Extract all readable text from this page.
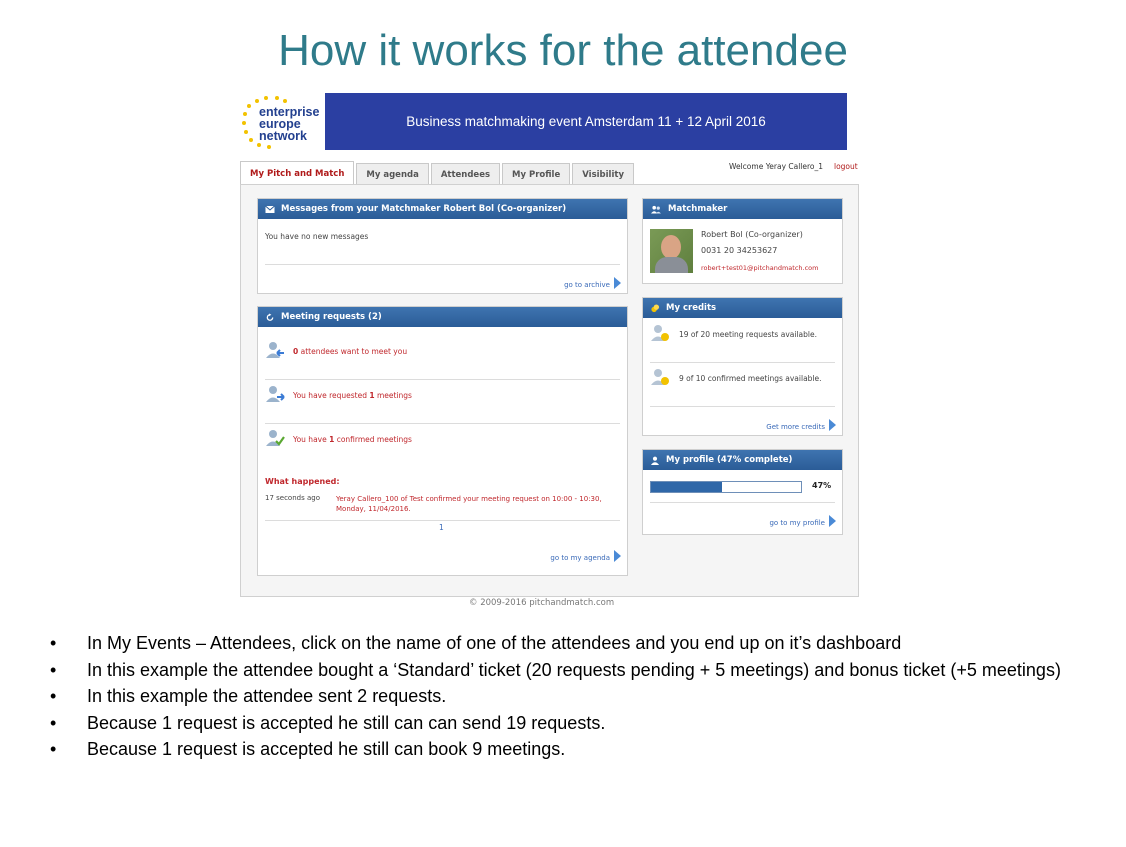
How it works for the attendee
enterprise
europe
network
Business matchmaking event Amsterdam 11 + 12 April 2016
My Pitch and Match	My agenda	Attendees	My Profile	Visibility
Welcome Yeray Callero_1 logout
Messages from your Matchmaker Robert Bol (Co-organizer)
You have no new messages
go to archive
Meeting requests (2)
0 attendees want to meet you
You have requested 1 meetings
You have 1 confirmed meetings
What happened:
17 seconds ago Yeray Callero_100 of Test confirmed your meeting request on 10:00 - 10:30, Monday, 11/04/2016.
1
go to my agenda
Matchmaker
Robert Bol (Co-organizer)
0031 20 34253627
robert+test01@pitchandmatch.com
My credits
19 of 20 meeting requests available.
9 of 10 confirmed meetings available.
Get more credits
My profile (47% complete)
47%
go to my profile
© 2009-2016 pitchandmatch.com
• In My Events – Attendees, click on the name of one of the attendees and you end up on it’s dashboard
• In this example the attendee bought a ‘Standard’ ticket (20 requests pending + 5 meetings) and bonus ticket (+5 meetings)
• In this example the attendee sent 2 requests.
• Because 1 request is accepted he still can can send 19 requests.
• Because 1 request is accepted he still can book 9 meetings.
